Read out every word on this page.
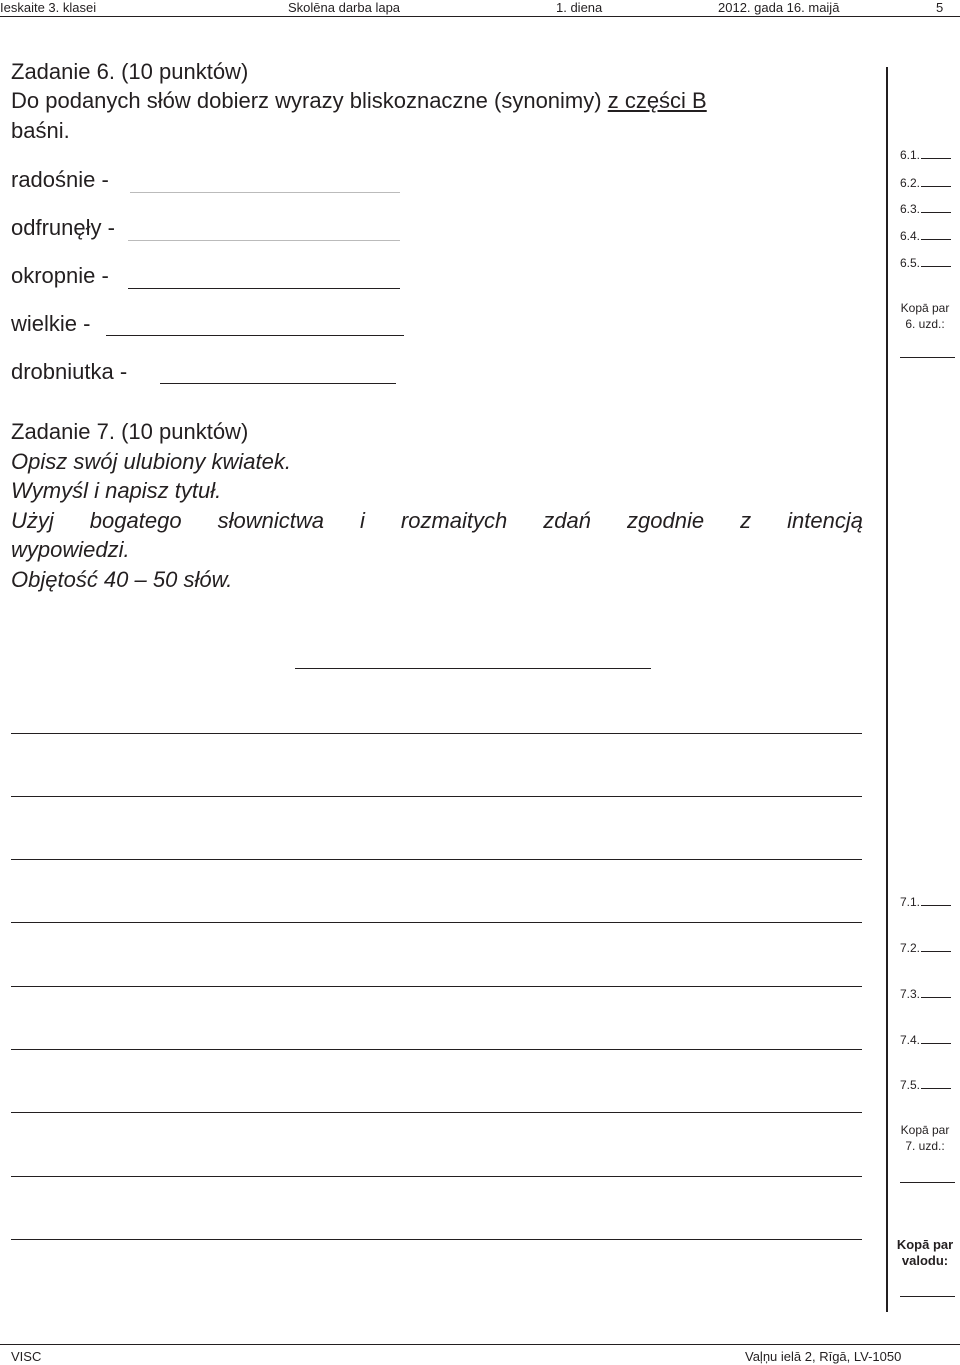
Ieskaite 3. klasei	Skolēna darba lapa	1. diena	2012. gada 16. maijā	5
Zadanie 6. (10 punktów)
Do podanych słów dobierz wyrazy bliskoznaczne (synonimy) z części B
baśni.
radośnie -
odfrunęły -
okropnie -
wielkie -
drobniutka -
6.1.
6.2.
6.3.
6.4.
6.5.
Kopā par
6. uzd.:
Zadanie 7. (10 punktów)
Opisz swój ulubiony kwiatek.
Wymyśl i napisz tytuł.
Użyj bogatego słownictwa i rozmaitych zdań zgodnie z intencją
wypowiedzi.
Objętość 40 – 50 słów.
7.1.
7.2.
7.3.
7.4.
7.5.
Kopā par
7. uzd.:
Kopā par
valodu:
VISC	Vaļņu ielā 2, Rīgā, LV-1050
